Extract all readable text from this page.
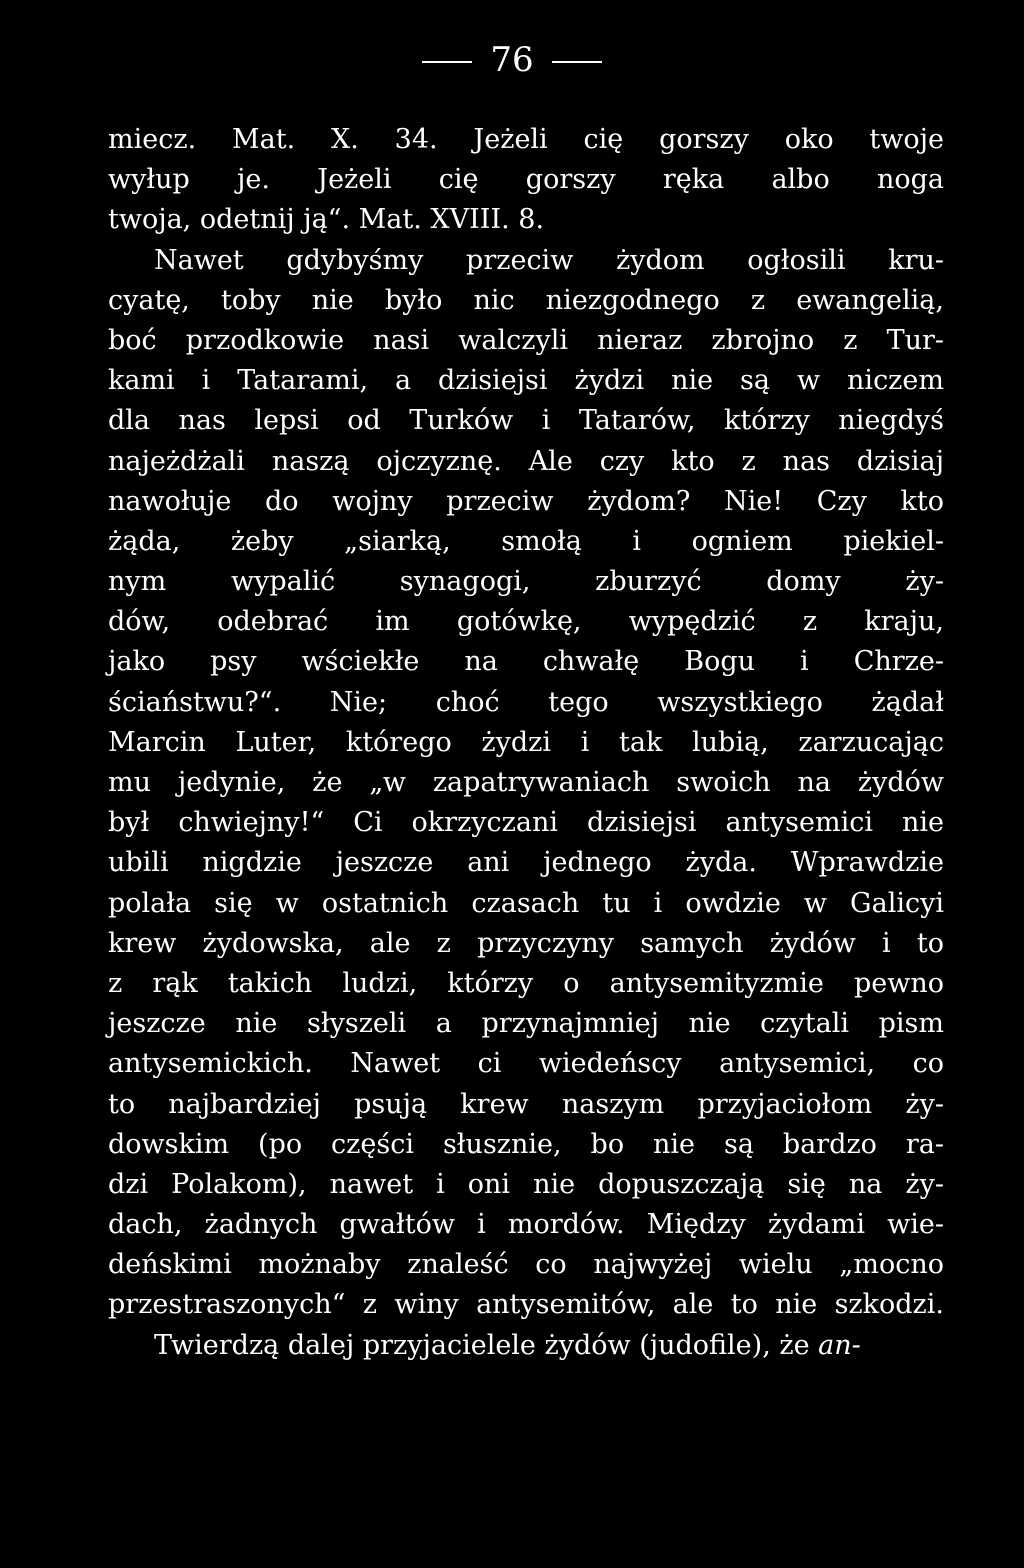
76
miecz. Mat. X. 34. Jeżeli cię gorszy oko twoje
wyłup je. Jeżeli cię gorszy ręka albo noga
twoja, odetnij ją“. Mat. XVIII. 8.
Nawet gdybyśmy przeciw żydom ogłosili kru-
cyatę, toby nie było nic niezgodnego z ewangelią,
boć przodkowie nasi walczyli nieraz zbrojno z Tur-
kami i Tatarami, a dzisiejsi żydzi nie są w niczem
dla nas lepsi od Turków i Tatarów, którzy niegdyś
najeżdżali naszą ojczyznę. Ale czy kto z nas dzisiaj
nawołuje do wojny przeciw żydom? Nie! Czy kto
żąda, żeby „siarką, smołą i ogniem piekiel-
nym wypalić synagogi, zburzyć domy ży-
dów, odebrać im gotówkę, wypędzić z kraju,
jako psy wściekłe na chwałę Bogu i Chrze-
ściaństwu?“. Nie; choć tego wszystkiego żądał
Marcin Luter, którego żydzi i tak lubią, zarzucając
mu jedynie, że „w zapatrywaniach swoich na żydów
był chwiejny!“ Ci okrzyczani dzisiejsi antysemici nie
ubili nigdzie jeszcze ani jednego żyda. Wprawdzie
polała się w ostatnich czasach tu i owdzie w Galicyi
krew żydowska, ale z przyczyny samych żydów i to
z rąk takich ludzi, którzy o antysemityzmie pewno
jeszcze nie słyszeli a przynajmniej nie czytali pism
antysemickich. Nawet ci wiedeńscy antysemici, co
to najbardziej psują krew naszym przyjaciołom ży-
dowskim (po części słusznie, bo nie są bardzo ra-
dzi Polakom), nawet i oni nie dopuszczają się na ży-
dach, żadnych gwałtów i mordów. Między żydami wie-
deńskimi możnaby znaleść co najwyżej wielu „mocno
przestraszonych“ z winy antysemitów, ale to nie szkodzi.
Twierdzą dalej przyjacielele żydów (judofile), że an-
